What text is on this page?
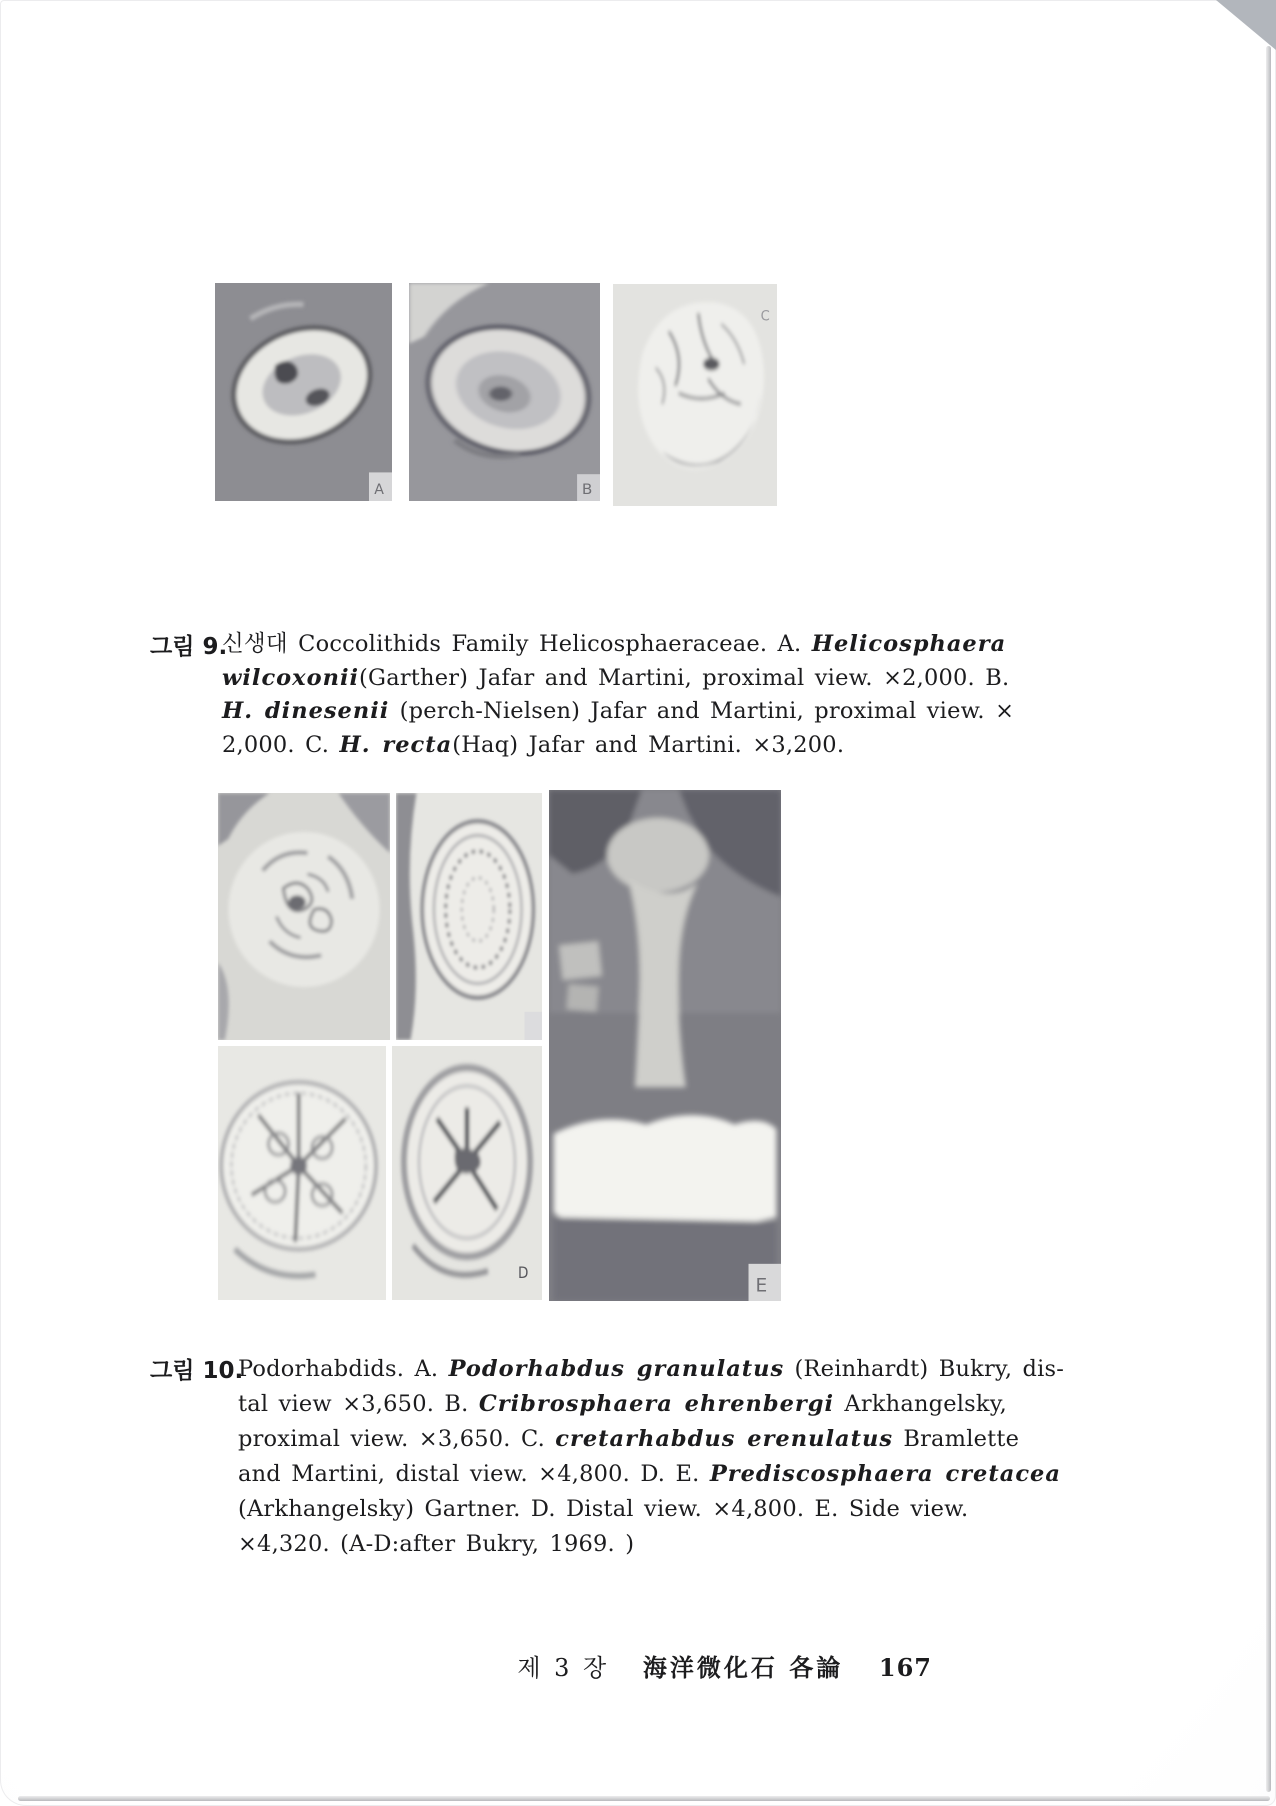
A	B
C
그림 9.
신생대 Coccolithids Family Helicosphaeraceae. A. Helicosphaera
wilcoxonii(Garther) Jafar and Martini, proximal view. ×2,000. B.
H. dinesenii (perch-Nielsen) Jafar and Martini, proximal view. ×
2,000. C. H. recta(Haq) Jafar and Martini. ×3,200.
D
E
그림 10.
Podorhabdids. A. Podorhabdus granulatus (Reinhardt) Bukry, dis-
tal view ×3,650. B. Cribrosphaera ehrenbergi Arkhangelsky,
proximal view. ×3,650. C. cretarhabdus erenulatus Bramlette
and Martini, distal view. ×4,800. D. E. Prediscosphaera cretacea
(Arkhangelsky) Gartner. D. Distal view. ×4,800. E. Side view.
×4,320. (A-D:after Bukry, 1969. )
제 3 장 海洋微化石 各論 167
